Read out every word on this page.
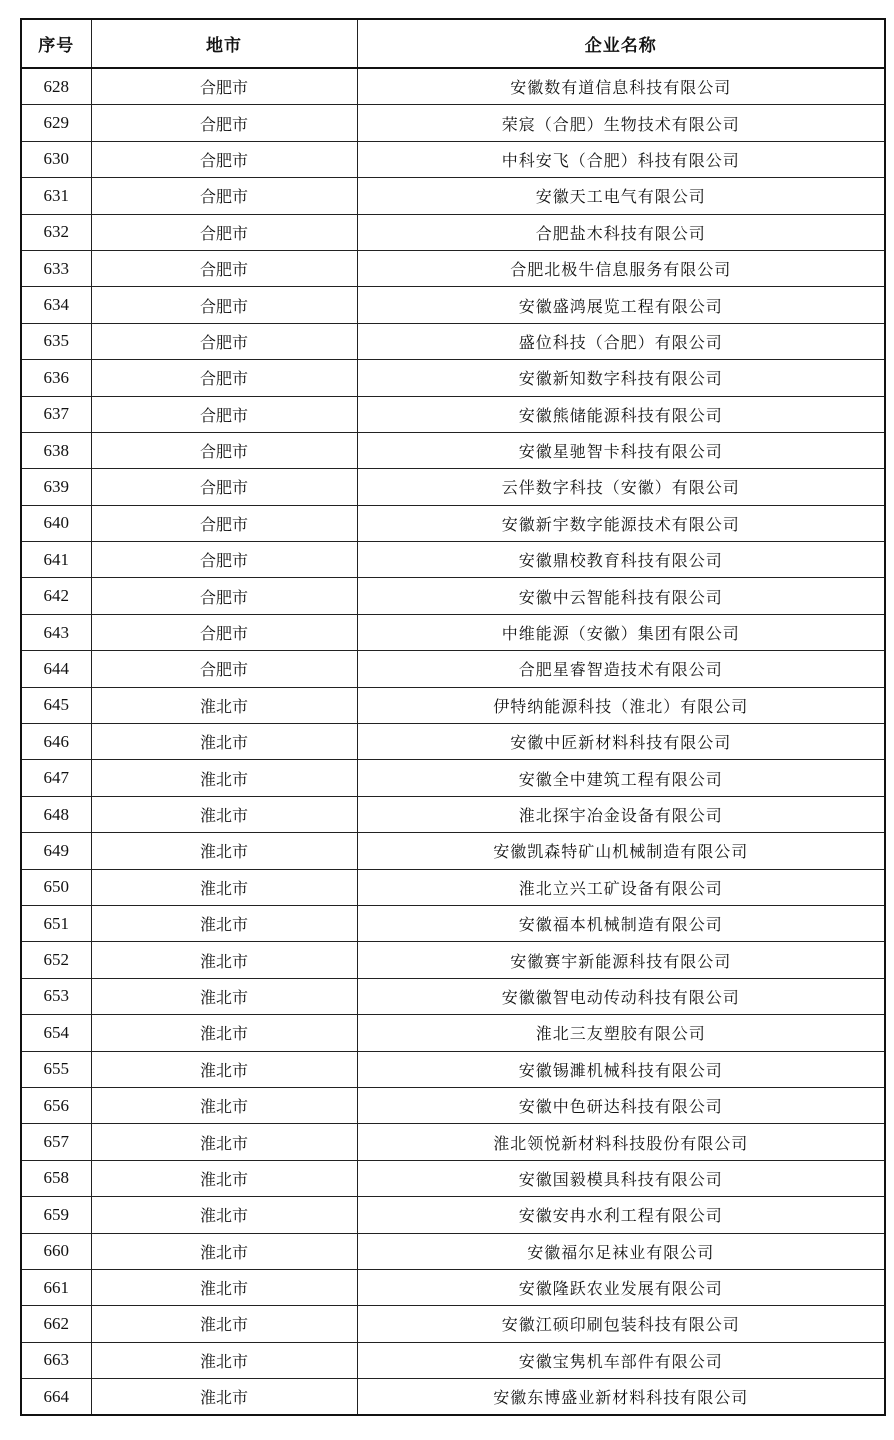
序号	地市	企业名称
628	合肥市	安徽数有道信息科技有限公司
629	合肥市	荣宸（合肥）生物技术有限公司
630	合肥市	中科安飞（合肥）科技有限公司
631	合肥市	安徽天工电气有限公司
632	合肥市	合肥盐木科技有限公司
633	合肥市	合肥北极牛信息服务有限公司
634	合肥市	安徽盛鸿展览工程有限公司
635	合肥市	盛位科技（合肥）有限公司
636	合肥市	安徽新知数字科技有限公司
637	合肥市	安徽熊储能源科技有限公司
638	合肥市	安徽星驰智卡科技有限公司
639	合肥市	云伴数字科技（安徽）有限公司
640	合肥市	安徽新宇数字能源技术有限公司
641	合肥市	安徽鼎校教育科技有限公司
642	合肥市	安徽中云智能科技有限公司
643	合肥市	中维能源（安徽）集团有限公司
644	合肥市	合肥星睿智造技术有限公司
645	淮北市	伊特纳能源科技（淮北）有限公司
646	淮北市	安徽中匠新材料科技有限公司
647	淮北市	安徽全中建筑工程有限公司
648	淮北市	淮北探宇冶金设备有限公司
649	淮北市	安徽凯森特矿山机械制造有限公司
650	淮北市	淮北立兴工矿设备有限公司
651	淮北市	安徽福本机械制造有限公司
652	淮北市	安徽赛宇新能源科技有限公司
653	淮北市	安徽徽智电动传动科技有限公司
654	淮北市	淮北三友塑胶有限公司
655	淮北市	安徽锡濉机械科技有限公司
656	淮北市	安徽中色研达科技有限公司
657	淮北市	淮北领悦新材料科技股份有限公司
658	淮北市	安徽国毅模具科技有限公司
659	淮北市	安徽安冉水利工程有限公司
660	淮北市	安徽福尔足袜业有限公司
661	淮北市	安徽隆跃农业发展有限公司
662	淮北市	安徽江硕印刷包装科技有限公司
663	淮北市	安徽宝隽机车部件有限公司
664	淮北市	安徽东博盛业新材料科技有限公司
